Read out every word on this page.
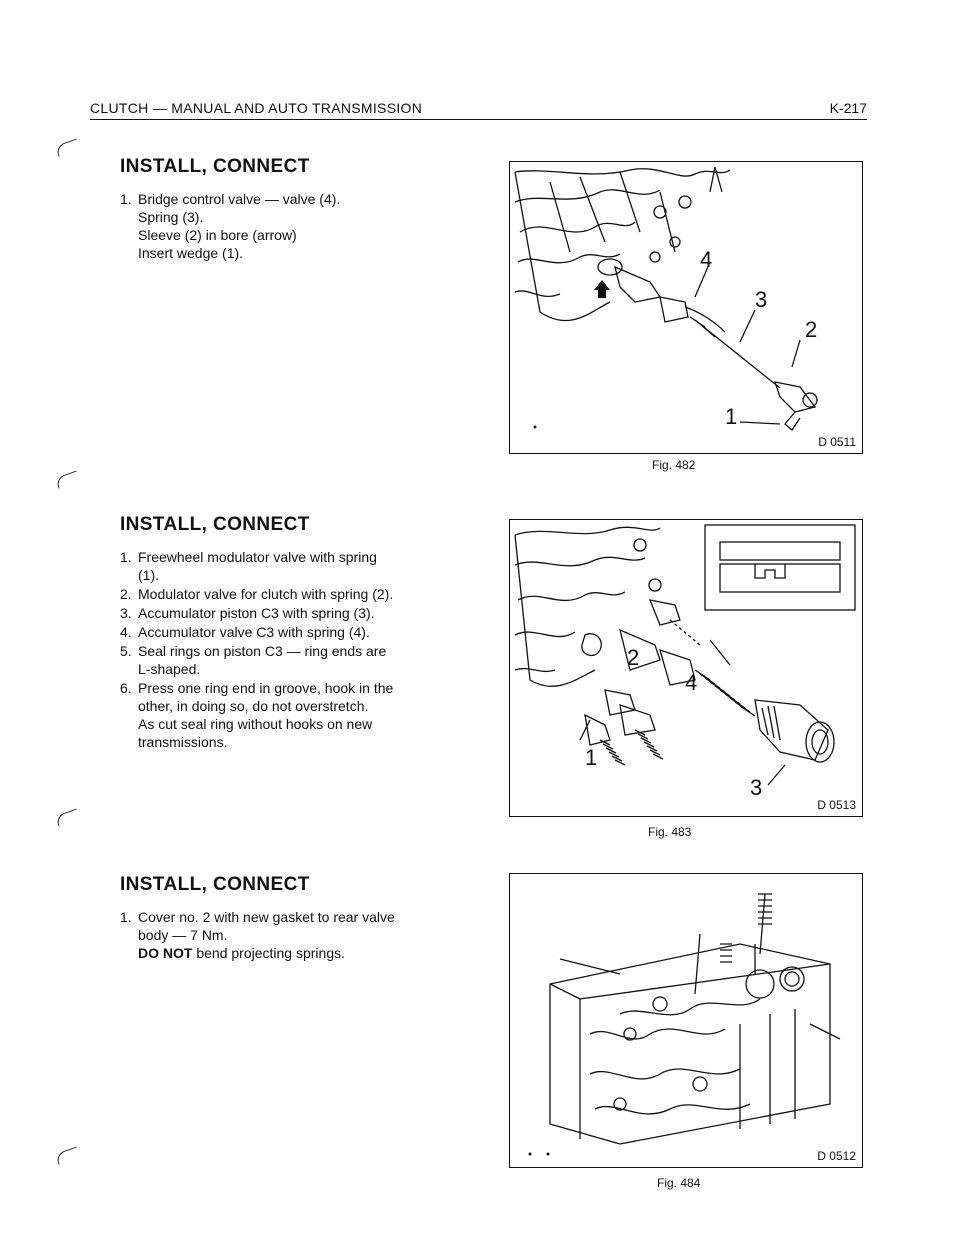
CLUTCH — MANUAL AND AUTO TRANSMISSION	K-217
INSTALL, CONNECT
1. Bridge control valve — valve (4).
Spring (3).
Sleeve (2) in bore (arrow)
Insert wedge (1).
INSTALL, CONNECT
1. Freewheel modulator valve with spring
(1).
2. Modulator valve for clutch with spring (2).
3. Accumulator piston C3 with spring (3).
4. Accumulator valve C3 with spring (4).
5. Seal rings on piston C3 — ring ends are
L-shaped.
6. Press one ring end in groove, hook in the
other, in doing so, do not overstretch.
As cut seal ring without hooks on new
transmissions.
INSTALL, CONNECT
1. Cover no. 2 with new gasket to rear valve
body — 7 Nm.
DO NOT bend projecting springs.
4
3
2
1
D 0511
Fig. 482
1
2
3
4
D 0513
Fig. 483
D 0512
Fig. 484
